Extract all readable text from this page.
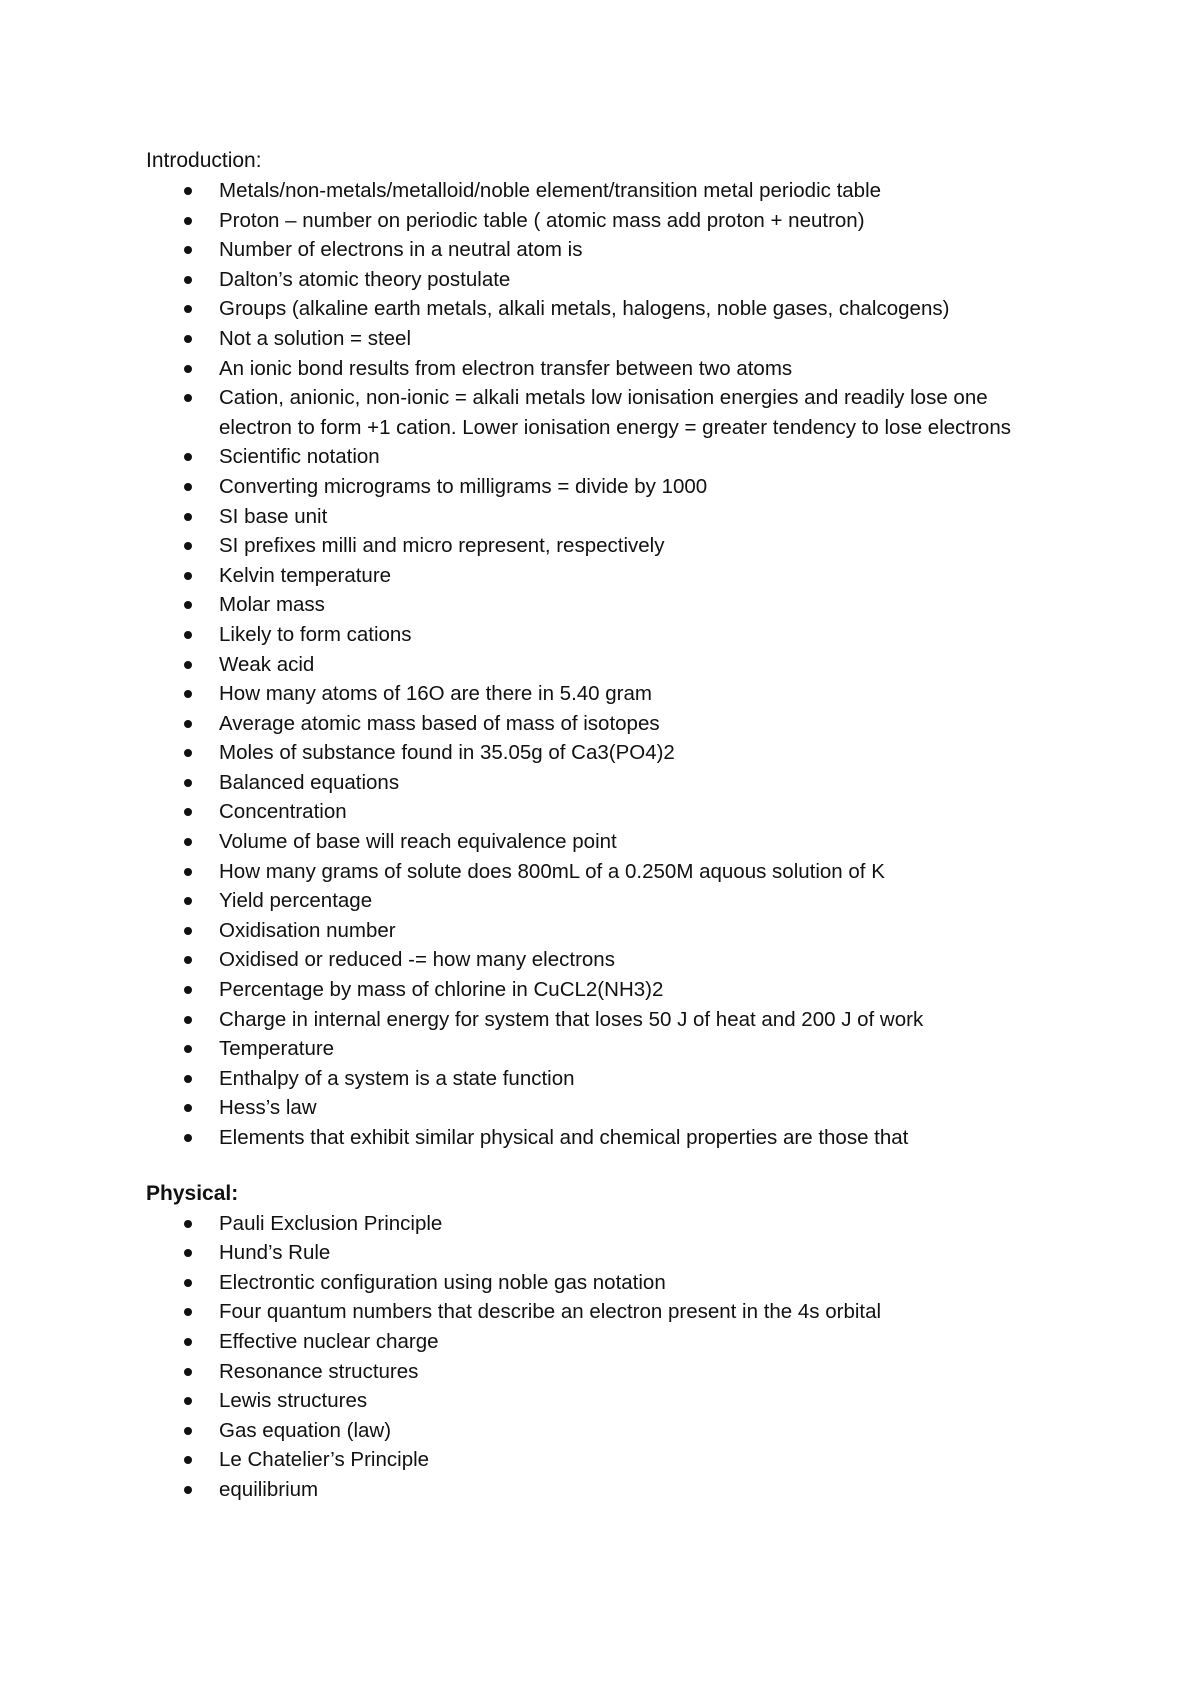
Introduction:
Metals/non-metals/metalloid/noble element/transition metal periodic table
Proton – number on periodic table ( atomic mass add proton + neutron)
Number of electrons in a neutral atom is
Dalton’s atomic theory postulate
Groups (alkaline earth metals, alkali metals, halogens, noble gases, chalcogens)
Not a solution = steel
An ionic bond results from electron transfer between two atoms
Cation, anionic, non-ionic = alkali metals low ionisation energies and readily lose one electron to form +1 cation. Lower ionisation energy = greater tendency to lose electrons
Scientific notation
Converting micrograms to milligrams = divide by 1000
SI base unit
SI prefixes milli and micro represent, respectively
Kelvin temperature
Molar mass
Likely to form cations
Weak acid
How many atoms of 16O are there in 5.40 gram
Average atomic mass based of mass of isotopes
Moles of substance found in 35.05g of Ca3(PO4)2
Balanced equations
Concentration
Volume of base will reach equivalence point
How many grams of solute does 800mL of a 0.250M aquous solution of K
Yield percentage
Oxidisation number
Oxidised or reduced -= how many electrons
Percentage by mass of chlorine in CuCL2(NH3)2
Charge in internal energy for system that loses 50 J of heat and 200 J of work
Temperature
Enthalpy of a system is a state function
Hess’s law
Elements that exhibit similar physical and chemical properties are those that
Physical:
Pauli Exclusion Principle
Hund’s Rule
Electrontic configuration using noble gas notation
Four quantum numbers that describe an electron present in the 4s orbital
Effective nuclear charge
Resonance structures
Lewis structures
Gas equation (law)
Le Chatelier’s Principle
equilibrium
